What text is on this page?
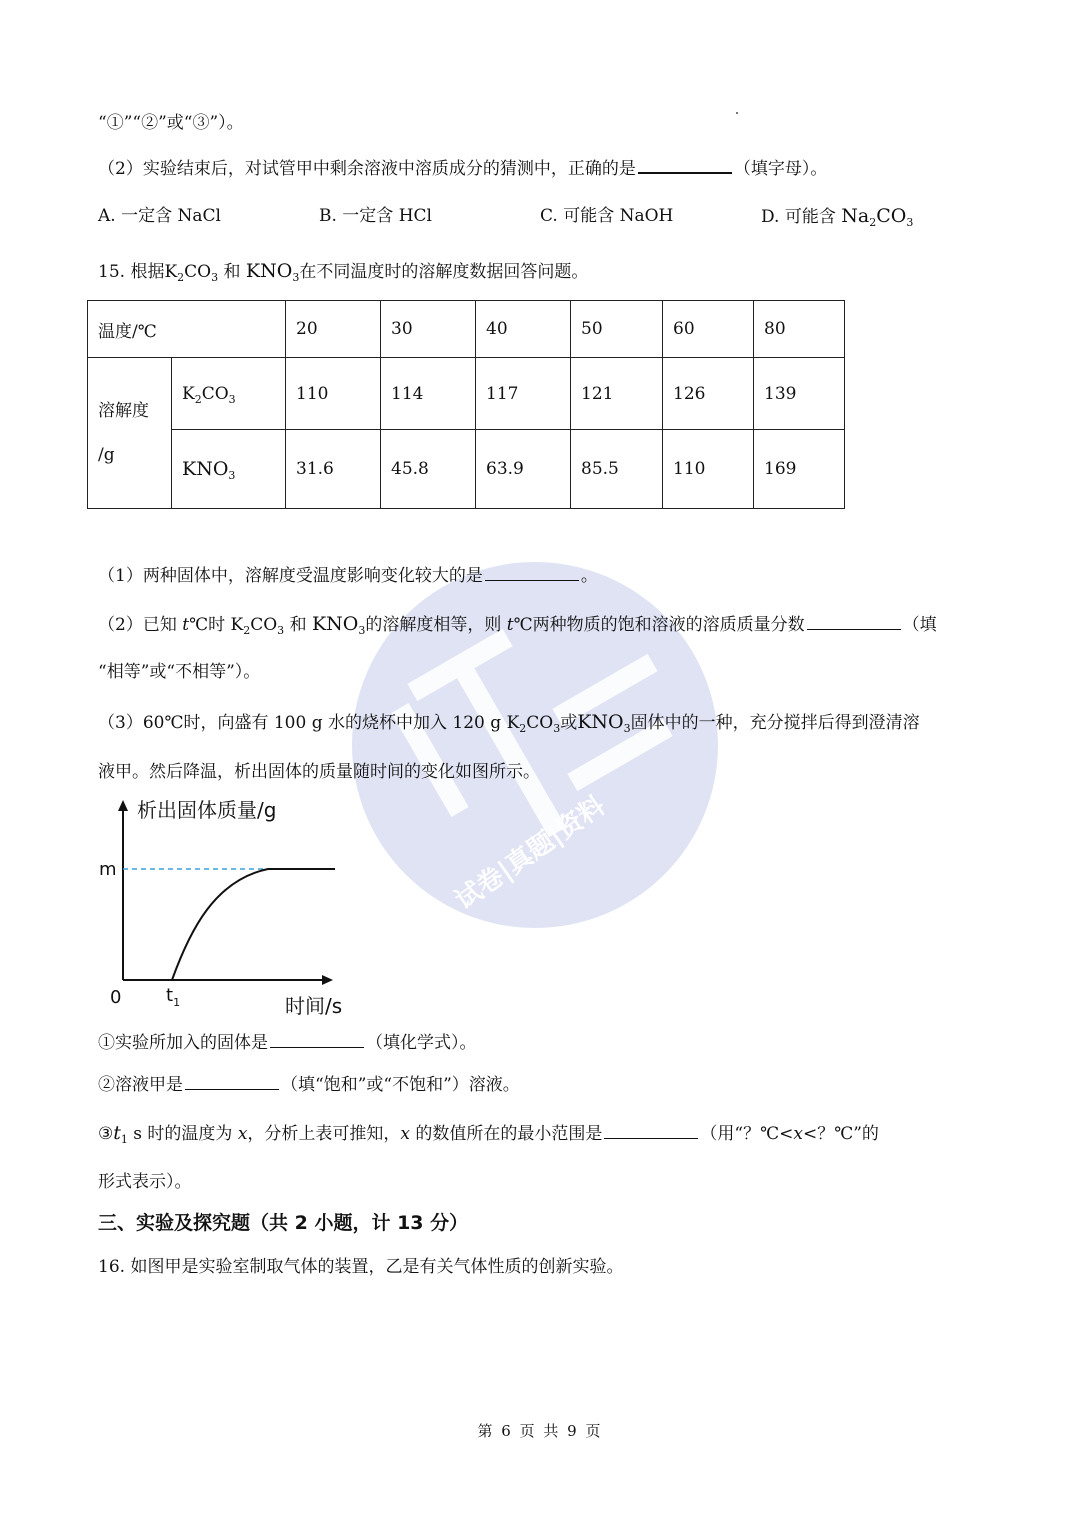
“①”“②”或“③”）。
（2）实验结束后，对试管甲中剩余溶液中溶质成分的猜测中，正确的是	（填字母）。
A. 一定含 NaCl	B. 一定含 HCl	C. 可能含 NaOH	D. 可能含 $Na_2CO_3$
15. 根据$K_2CO_3$ 和 $KNO_3$在不同温度时的溶解度数据回答问题。
温度/℃		20	30	40	50	60	80

溶解度
/g	$K_2CO_3$	110	114	117	121	126	139
	$KNO_3$	31.6	45.8	63.9	85.5	110	169
试卷|真题|资料
（1）两种固体中，溶解度受温度影响变化较大的是	。
（2）已知 t℃时 $K_2CO_3$ 和 $KNO_3$的溶解度相等，则 t℃两种物质的饱和溶液的溶质质量分数	（填
“相等”或“不相等”）。
（3）60℃时，向盛有 100 g 水的烧杯中加入 120 g $K_2CO_3$或$KNO_3$固体中的一种，充分搅拌后得到澄清溶
液甲。然后降温，析出固体的质量随时间的变化如图所示。
析出固体质量/g
时间/s
0
m
$t_1$
①实验所加入的固体是	（填化学式）。
②溶液甲是	（填“饱和”或“不饱和”）溶液。
$③t_1$ s 时的温度为 x，分析上表可推知，x 的数值所在的最小范围是	（用“？℃<x<？℃”的
形式表示）。
三、实验及探究题（共 2 小题，计 13 分）
16. 如图甲是实验室制取气体的装置，乙是有关气体性质的创新实验。
第 6 页 共 9 页
